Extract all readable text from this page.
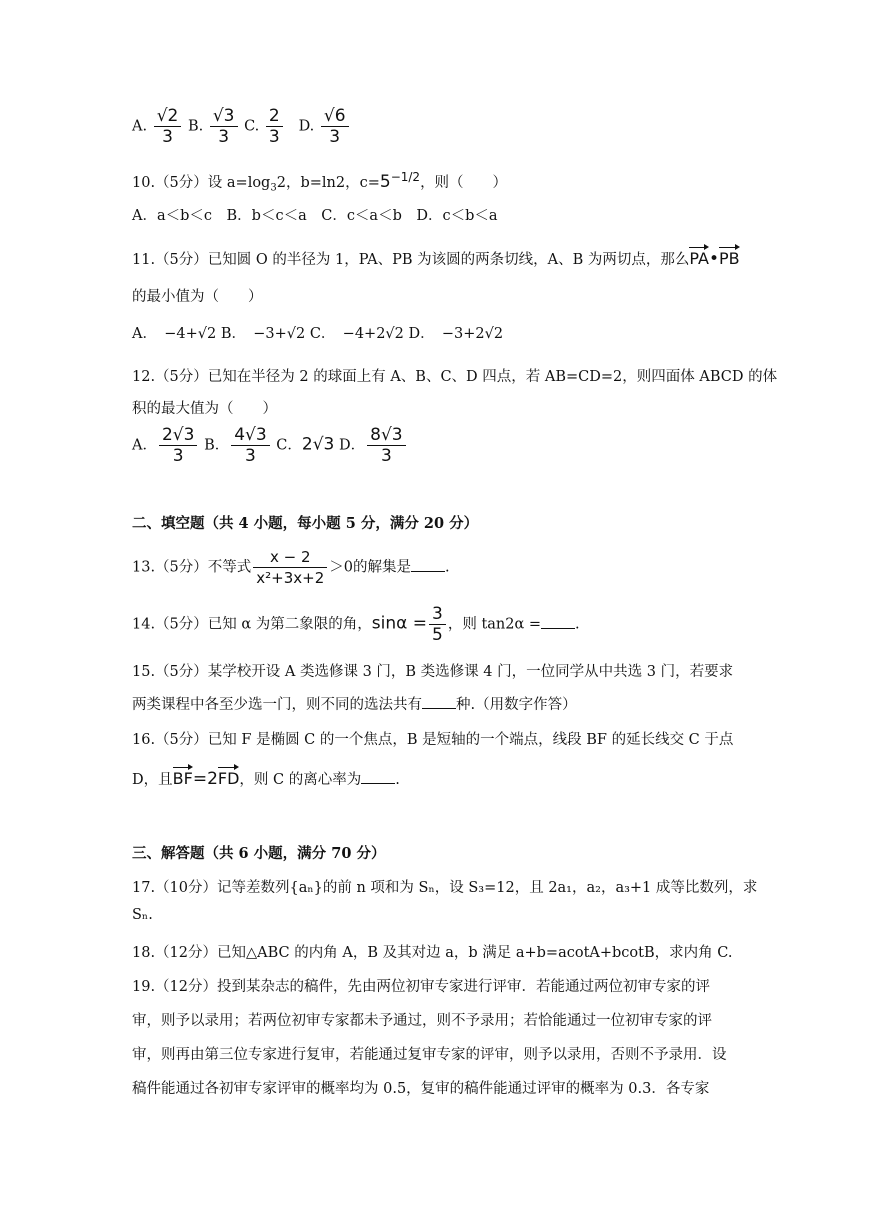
A. $\frac{√2}{3} B$. $\frac{√3}{3} C$. $\frac{2}{3} D$. $\frac{√6}{3}$
10.（5分）设 $a=\log_32$，b=ln2，$c=5^{-1/2}$，则（　　）
A．a＜b＜c　B．b＜c＜a　C．c＜a＜b　D．c＜b＜a
11.（5分）已知圆 O 的半径为 1，PA、PB 为该圆的两条切线，A、B 为两切点，那么PA•PB
的最小值为（　　）
A．　−4+√2 B．　−3+√2 C．　−4+2√2 D．　−3+2√2
12.（5分）已知在半径为 2 的球面上有 A、B、C、D 四点，若 AB=CD=2，则四面体 ABCD 的体
积的最大值为（　　）
A． $\frac{2√3}{3}$ B． $\frac{4√3}{3}$ C．2√3 D． $\frac{8√3}{3}$
二、填空题（共 4 小题，每小题 5 分，满分 20 分）
13.（5分）不等式 $\frac{x - 2}{\text{x²+3x+2}} >0$的解集是 .
14.（5分）已知 α 为第二象限的角，$\sin\alpha = \frac{3}{5}$ ，则 tan2α = .
15.（5分）某学校开设 A 类选修课 3 门，B 类选修课 4 门，一位同学从中共选 3 门，若要求
两类课程中各至少选一门，则不同的选法共有 种.（用数字作答）
16.（5分）已知 F 是椭圆 C 的一个焦点，B 是短轴的一个端点，线段 BF 的延长线交 C 于点
D，且BF=2FD，则 C 的离心率为 .
三、解答题（共 6 小题，满分 70 分）
17.（10分）记等差数列{aₙ}的前 n 项和为 Sₙ，设 S₃=12，且 2a₁，a₂，a₃+1 成等比数列，求
Sₙ.
18.（12分）已知△ABC 的内角 A，B 及其对边 a，b 满足 a+b=acotA+bcotB，求内角 C.
19.（12分）投到某杂志的稿件，先由两位初审专家进行评审．若能通过两位初审专家的评
审，则予以录用；若两位初审专家都未予通过，则不予录用；若恰能通过一位初审专家的评
审，则再由第三位专家进行复审，若能通过复审专家的评审，则予以录用，否则不予录用．设
稿件能通过各初审专家评审的概率均为 0.5，复审的稿件能通过评审的概率为 0.3．各专家
